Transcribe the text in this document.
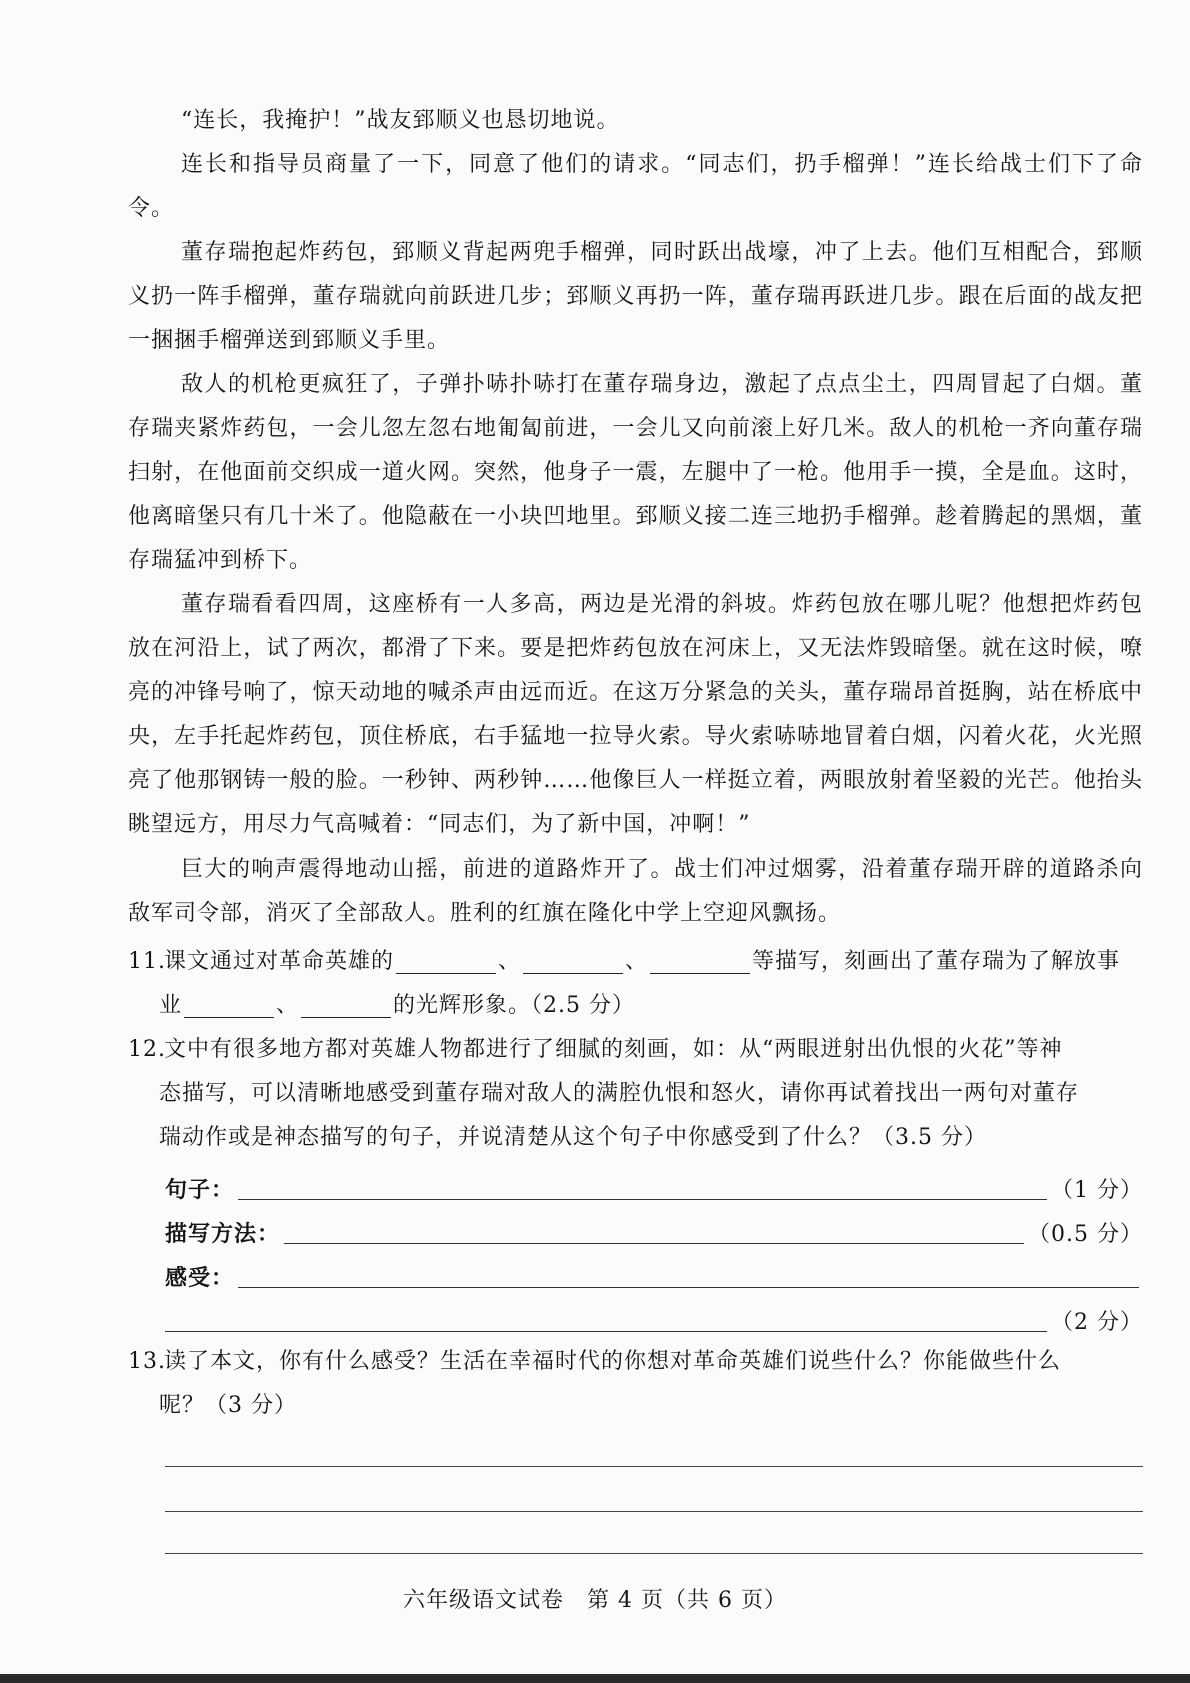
“连长，我掩护！”战友郅顺义也恳切地说。

连长和指导员商量了一下，同意了他们的请求。“同志们，扔手榴弹！”连长给战士们下了命令。

董存瑞抱起炸药包，郅顺义背起两兜手榴弹，同时跃出战壕，冲了上去。他们互相配合，郅顺义扔一阵手榴弹，董存瑞就向前跃进几步；郅顺义再扔一阵，董存瑞再跃进几步。跟在后面的战友把一捆捆手榴弹送到郅顺义手里。

敌人的机枪更疯狂了，子弹扑哧扑哧打在董存瑞身边，激起了点点尘土，四周冒起了白烟。董存瑞夹紧炸药包，一会儿忽左忽右地匍匐前进，一会儿又向前滚上好几米。敌人的机枪一齐向董存瑞扫射，在他面前交织成一道火网。突然，他身子一震，左腿中了一枪。他用手一摸，全是血。这时，他离暗堡只有几十米了。他隐蔽在一小块凹地里。郅顺义接二连三地扔手榴弹。趁着腾起的黑烟，董存瑞猛冲到桥下。

董存瑞看看四周，这座桥有一人多高，两边是光滑的斜坡。炸药包放在哪儿呢？他想把炸药包放在河沿上，试了两次，都滑了下来。要是把炸药包放在河床上，又无法炸毁暗堡。就在这时候，嘹亮的冲锋号响了，惊天动地的喊杀声由远而近。在这万分紧急的关头，董存瑞昂首挺胸，站在桥底中央，左手托起炸药包，顶住桥底，右手猛地一拉导火索。导火索哧哧地冒着白烟，闪着火花，火光照亮了他那钢铸一般的脸。一秒钟、两秒钟……他像巨人一样挺立着，两眼放射着坚毅的光芒。他抬头眺望远方，用尽力气高喊着：“同志们，为了新中国，冲啊！”

巨大的响声震得地动山摇，前进的道路炸开了。战士们冲过烟雾，沿着董存瑞开辟的道路杀向敌军司令部，消灭了全部敌人。胜利的红旗在隆化中学上空迎风飘扬。

11.课文通过对革命英雄的	、	、	等描写，刻画出了董存瑞为了解放事
业	、	的光辉形象。（2.5 分）
12.文中有很多地方都对英雄人物都进行了细腻的刻画，如：从“两眼迸射出仇恨的火花”等神
态描写，可以清晰地感受到董存瑞对敌人的满腔仇恨和怒火，请你再试着找出一两句对董存
瑞动作或是神态描写的句子，并说清楚从这个句子中你感受到了什么？（3.5 分）
句子：	（1 分）
描写方法：	（0.5 分）
感受：
（2 分）
13.读了本文，你有什么感受？生活在幸福时代的你想对革命英雄们说些什么？你能做些什么
呢？（3 分）
六年级语文试卷　第 4 页（共 6 页）
